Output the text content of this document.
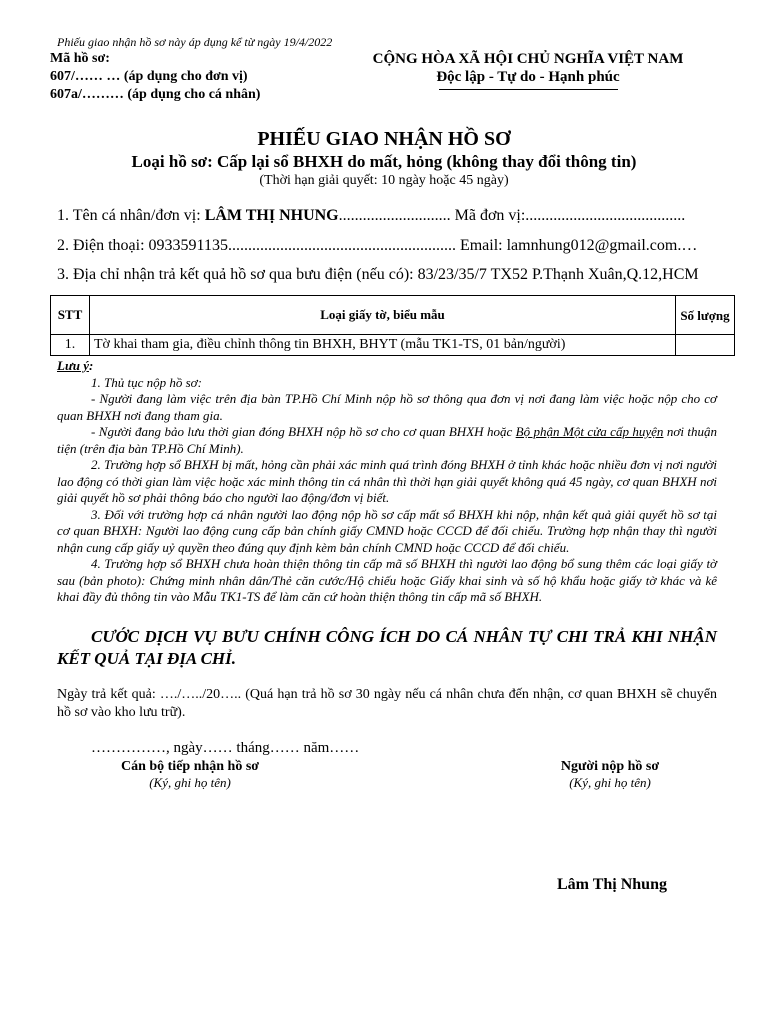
Phiếu giao nhận hồ sơ này áp dụng kể từ ngày 19/4/2022
Mã hồ sơ:
607/…… … (áp dụng cho đơn vị)
607a/……… (áp dụng cho cá nhân)
CỘNG HÒA XÃ HỘI CHỦ NGHĨA VIỆT NAM
Độc lập - Tự do - Hạnh phúc
PHIẾU GIAO NHẬN HỒ SƠ
Loại hồ sơ: Cấp lại sổ BHXH do mất, hỏng (không thay đổi thông tin)
(Thời hạn giải quyết: 10 ngày hoặc 45 ngày)
1. Tên cá nhân/đơn vị: LÂM THỊ NHUNG............................ Mã đơn vị:........................................
2. Điện thoại: 0933591135......................................................... Email: lamnhung012@gmail.com.…
3. Địa chỉ nhận trả kết quả hồ sơ qua bưu điện (nếu có): 83/23/35/7 TX52 P.Thạnh Xuân,Q.12,HCM
STT	Loại giấy tờ, biểu mẫu	Số lượng
1.	Tờ khai tham gia, điều chỉnh thông tin BHXH, BHYT (mẫu TK1-TS, 01 bản/người)	

Lưu ý:

1. Thủ tục nộp hồ sơ:

- Người đang làm việc trên địa bàn TP.Hồ Chí Minh nộp hồ sơ thông qua đơn vị nơi đang làm việc hoặc nộp cho cơ quan BHXH nơi đang tham gia.

- Người đang bảo lưu thời gian đóng BHXH nộp hồ sơ cho cơ quan BHXH hoặc Bộ phận Một cửa cấp huyện nơi thuận tiện (trên địa bàn TP.Hồ Chí Minh).

2. Trường hợp sổ BHXH bị mất, hỏng cần phải xác minh quá trình đóng BHXH ở tỉnh khác hoặc nhiều đơn vị nơi người lao động có thời gian làm việc hoặc xác minh thông tin cá nhân thì thời hạn giải quyết không quá 45 ngày, cơ quan BHXH nơi giải quyết hồ sơ phải thông báo cho người lao động/đơn vị biết.

3. Đối với trường hợp cá nhân người lao động nộp hồ sơ cấp mất sổ BHXH khi nộp, nhận kết quả giải quyết hồ sơ tại cơ quan BHXH: Người lao động cung cấp bản chính giấy CMND hoặc CCCD để đối chiếu. Trường hợp nhận thay thì người nhận cung cấp giấy uỷ quyền theo đúng quy định kèm bản chính CMND hoặc CCCD để đối chiếu.

4. Trường hợp sổ BHXH chưa hoàn thiện thông tin cấp mã số BHXH thì người lao động bổ sung thêm các loại giấy tờ sau (bản photo): Chứng minh nhân dân/Thẻ căn cước/Hộ chiếu hoặc Giấy khai sinh và số hộ khẩu hoặc giấy tờ khác và kê khai đầy đủ thông tin vào Mẫu TK1-TS để làm căn cứ hoàn thiện thông tin cấp mã số BHXH.

CƯỚC DỊCH VỤ BƯU CHÍNH CÔNG ÍCH DO CÁ NHÂN TỰ CHI TRẢ KHI NHẬN KẾT QUẢ TẠI ĐỊA CHỈ.
Ngày trả kết quả: …./…../20….. (Quá hạn trả hồ sơ 30 ngày nếu cá nhân chưa đến nhận, cơ quan BHXH sẽ chuyển hồ sơ vào kho lưu trữ).
……………, ngày…… tháng…… năm……
Cán bộ tiếp nhận hồ sơ
(Ký, ghi họ tên)
Người nộp hồ sơ
(Ký, ghi họ tên)
Lâm Thị Nhung
